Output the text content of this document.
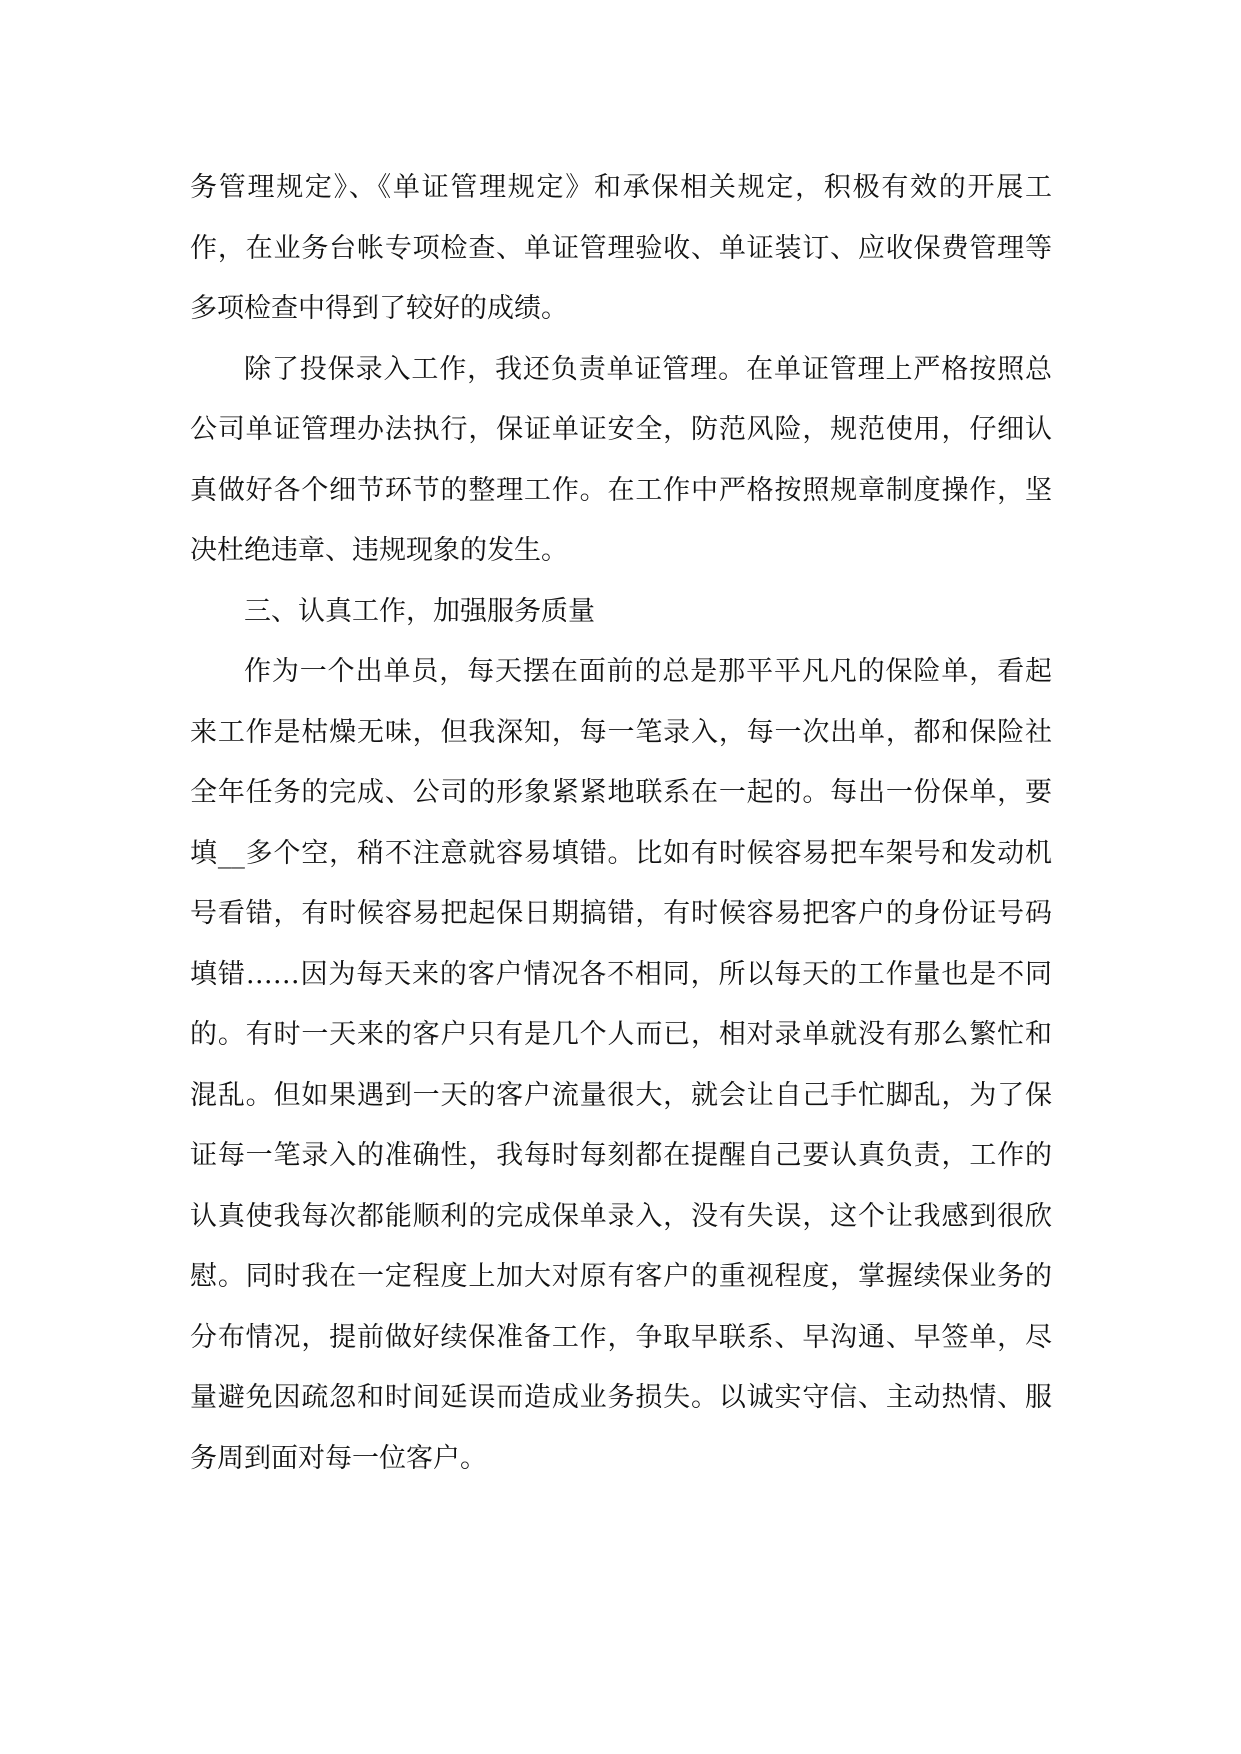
务管理规定》、《单证管理规定》和承保相关规定，积极有效的开展工作，在业务台帐专项检查、单证管理验收、单证装订、应收保费管理等多项检查中得到了较好的成绩。

除了投保录入工作，我还负责单证管理。在单证管理上严格按照总公司单证管理办法执行，保证单证安全，防范风险，规范使用，仔细认真做好各个细节环节的整理工作。在工作中严格按照规章制度操作，坚决杜绝违章、违规现象的发生。

三、认真工作，加强服务质量

作为一个出单员，每天摆在面前的总是那平平凡凡的保险单，看起来工作是枯燥无味，但我深知，每一笔录入，每一次出单，都和保险社全年任务的完成、公司的形象紧紧地联系在一起的。每出一份保单，要填__多个空，稍不注意就容易填错。比如有时候容易把车架号和发动机号看错，有时候容易把起保日期搞错，有时候容易把客户的身份证号码填错……因为每天来的客户情况各不相同，所以每天的工作量也是不同的。有时一天来的客户只有是几个人而已，相对录单就没有那么繁忙和混乱。但如果遇到一天的客户流量很大，就会让自己手忙脚乱，为了保证每一笔录入的准确性，我每时每刻都在提醒自己要认真负责，工作的认真使我每次都能顺利的完成保单录入，没有失误，这个让我感到很欣慰。同时我在一定程度上加大对原有客户的重视程度，掌握续保业务的分布情况，提前做好续保准备工作，争取早联系、早沟通、早签单，尽量避免因疏忽和时间延误而造成业务损失。以诚实守信、主动热情、服务周到面对每一位客户。
